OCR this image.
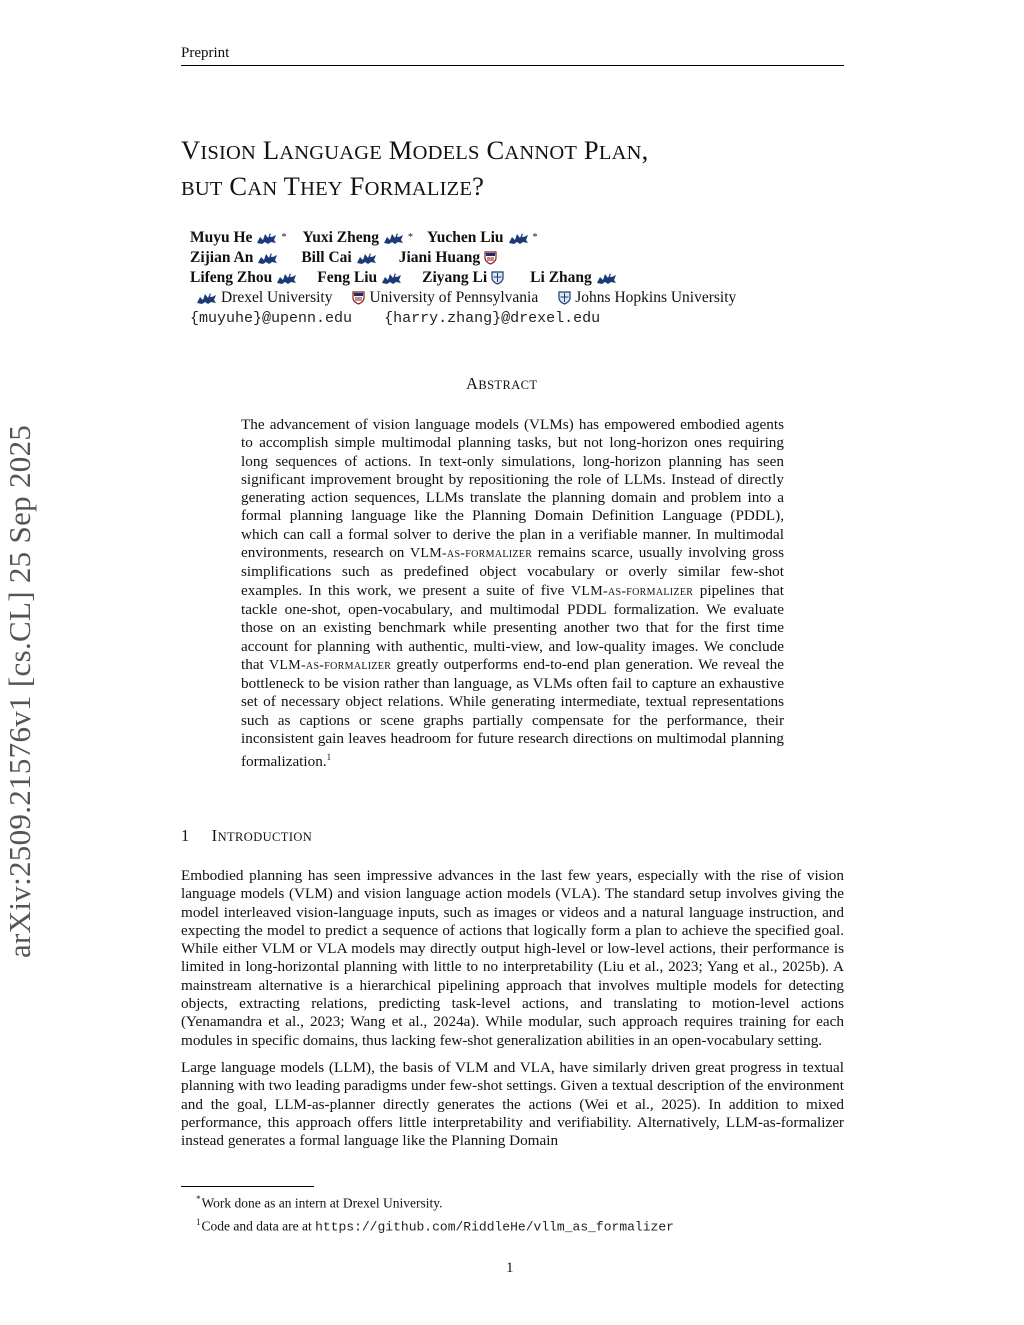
Preprint
arXiv:2509.21576v1 [cs.CL] 25 Sep 2025
VISION LANGUAGE MODELS CANNOT PLAN,
BUT CAN THEY FORMALIZE?
Muyu He	* Yuxi Zheng	* Yuchen Liu	*
Zijian An	Bill Cai	Jiani Huang
Lifeng Zhou	Feng Liu	Ziyang Li	Li Zhang
Drexel University University of Pennsylvania Johns Hopkins University
{muyuhe}@upenn.edu {harry.zhang}@drexel.edu
ABSTRACT
The advancement of vision language models (VLMs) has empowered embodied agents to accomplish simple multimodal planning tasks, but not long-horizon ones requiring long sequences of actions. In text-only simulations, long-horizon planning has seen significant improvement brought by repositioning the role of LLMs. Instead of directly generating action sequences, LLMs translate the planning domain and problem into a formal planning language like the Planning Domain Definition Language (PDDL), which can call a formal solver to derive the plan in a verifiable manner. In multimodal environments, research on VLM-as-formalizer remains scarce, usually involving gross simplifications such as predefined object vocabulary or overly similar few-shot examples. In this work, we present a suite of five VLM-as-formalizer pipelines that tackle one-shot, open-vocabulary, and multimodal PDDL formalization. We evaluate those on an existing benchmark while presenting another two that for the first time account for planning with authentic, multi-view, and low-quality images. We conclude that VLM-as-formalizer greatly outperforms end-to-end plan generation. We reveal the bottleneck to be vision rather than language, as VLMs often fail to capture an exhaustive set of necessary object relations. While generating intermediate, textual representations such as captions or scene graphs partially compensate for the performance, their inconsistent gain leaves headroom for future research directions on multimodal planning formalization.$^1$
1 INTRODUCTION

Embodied planning has seen impressive advances in the last few years, especially with the rise of vision language models (VLM) and vision language action models (VLA). The standard setup involves giving the model interleaved vision-language inputs, such as images or videos and a natural language instruction, and expecting the model to predict a sequence of actions that logically form a plan to achieve the specified goal. While either VLM or VLA models may directly output high-level or low-level actions, their performance is limited in long-horizontal planning with little to no interpretability (Liu et al., 2023; Yang et al., 2025b). A mainstream alternative is a hierarchical pipelining approach that involves multiple models for detecting objects, extracting relations, predicting task-level actions, and translating to motion-level actions (Yenamandra et al., 2023; Wang et al., 2024a). While modular, such approach requires training for each modules in specific domains, thus lacking few-shot generalization abilities in an open-vocabulary setting.

Large language models (LLM), the basis of VLM and VLA, have similarly driven great progress in textual planning with two leading paradigms under few-shot settings. Given a textual description of the environment and the goal, LLM-as-planner directly generates the actions (Wei et al., 2025). In addition to mixed performance, this approach offers little interpretability and verifiability. Alternatively, LLM-as-formalizer instead generates a formal language like the Planning Domain

*Work done as an intern at Drexel University.
$^1$Code and data are at https://github.com/RiddleHe/vllm_as_formalizer
1
